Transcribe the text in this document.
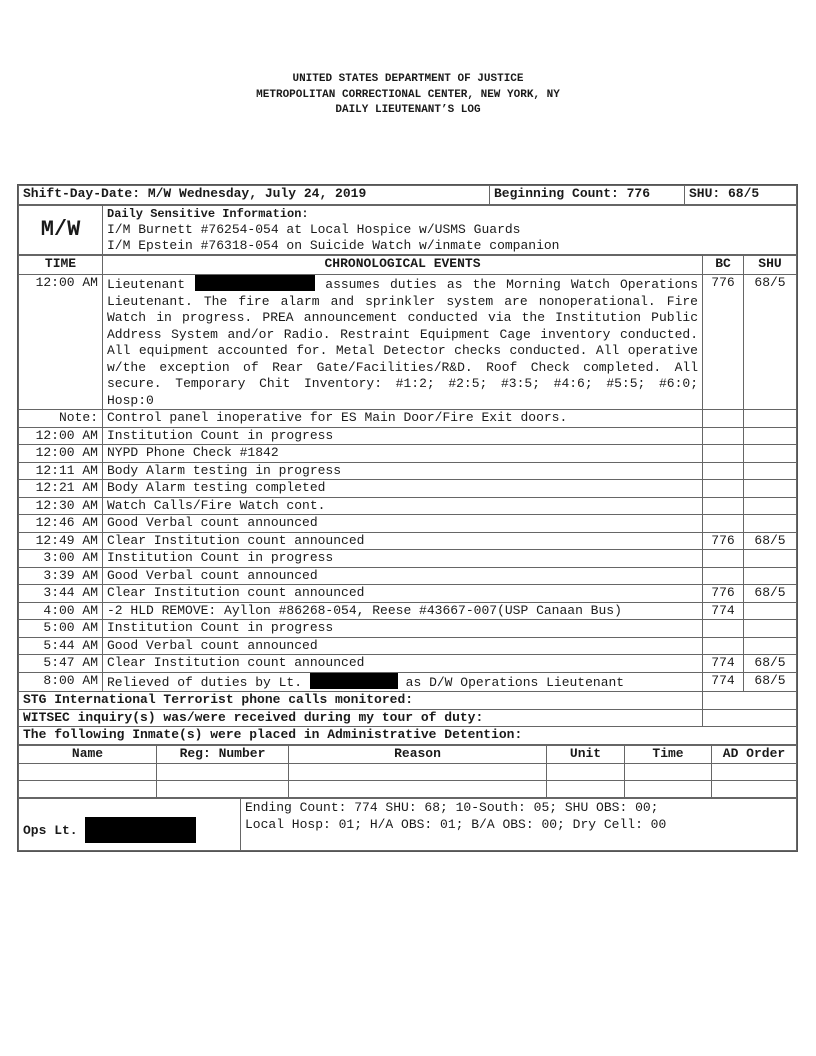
UNITED STATES DEPARTMENT OF JUSTICE
METROPOLITAN CORRECTIONAL CENTER, NEW YORK, NY
DAILY LIEUTENANT’S LOG
Shift-Day-Date: M/W Wednesday, July 24, 2019	Beginning Count: 776	SHU: 68/5
M/W	
Daily Sensitive Information:
I/M Burnett #76254-054 at Local Hospice w/USMS Guards
I/M Epstein #76318-054 on Suicide Watch w/inmate companion
TIME	CHRONOLOGICAL EVENTS	BC	SHU
12:00 AM	Lieutenant assumes duties as the Morning Watch Operations Lieutenant. The fire alarm and sprinkler system are nonoperational. Fire Watch in progress. PREA announcement conducted via the Institution Public Address System and/or Radio. Restraint Equipment Cage inventory conducted. All equipment accounted for. Metal Detector checks conducted. All operative w/the exception of Rear Gate/Facilities/R&D. Roof Check completed. All secure. Temporary Chit Inventory: #1:2; #2:5; #3:5; #4:6; #5:5; #6:0; Hosp:0	776	68/5
Note:	Control panel inoperative for ES Main Door/Fire Exit doors.		
12:00 AM	Institution Count in progress		
12:00 AM	NYPD Phone Check #1842		
12:11 AM	Body Alarm testing in progress		
12:21 AM	Body Alarm testing completed		
12:30 AM	Watch Calls/Fire Watch cont.		
12:46 AM	Good Verbal count announced		
12:49 AM	Clear Institution count announced	776	68/5
3:00 AM	Institution Count in progress		
3:39 AM	Good Verbal count announced		
3:44 AM	Clear Institution count announced	776	68/5
4:00 AM	-2 HLD REMOVE: Ayllon #86268-054, Reese #43667-007(USP Canaan Bus)	774	
5:00 AM	Institution Count in progress		
5:44 AM	Good Verbal count announced		
5:47 AM	Clear Institution count announced	774	68/5
8:00 AM	Relieved of duties by Lt. as D/W Operations Lieutenant	774	68/5
STG International Terrorist phone calls monitored:			
WITSEC inquiry(s) was/were received during my tour of duty:			
The following Inmate(s) were placed in Administrative Detention:			
Name	Reg: Number	Reason	Unit	Time	AD Order

Ops Lt.	
Ending Count: 774 SHU: 68; 10-South: 05; SHU OBS: 00;
Local Hosp: 01; H/A OBS: 01; B/A OBS: 00; Dry Cell: 00
